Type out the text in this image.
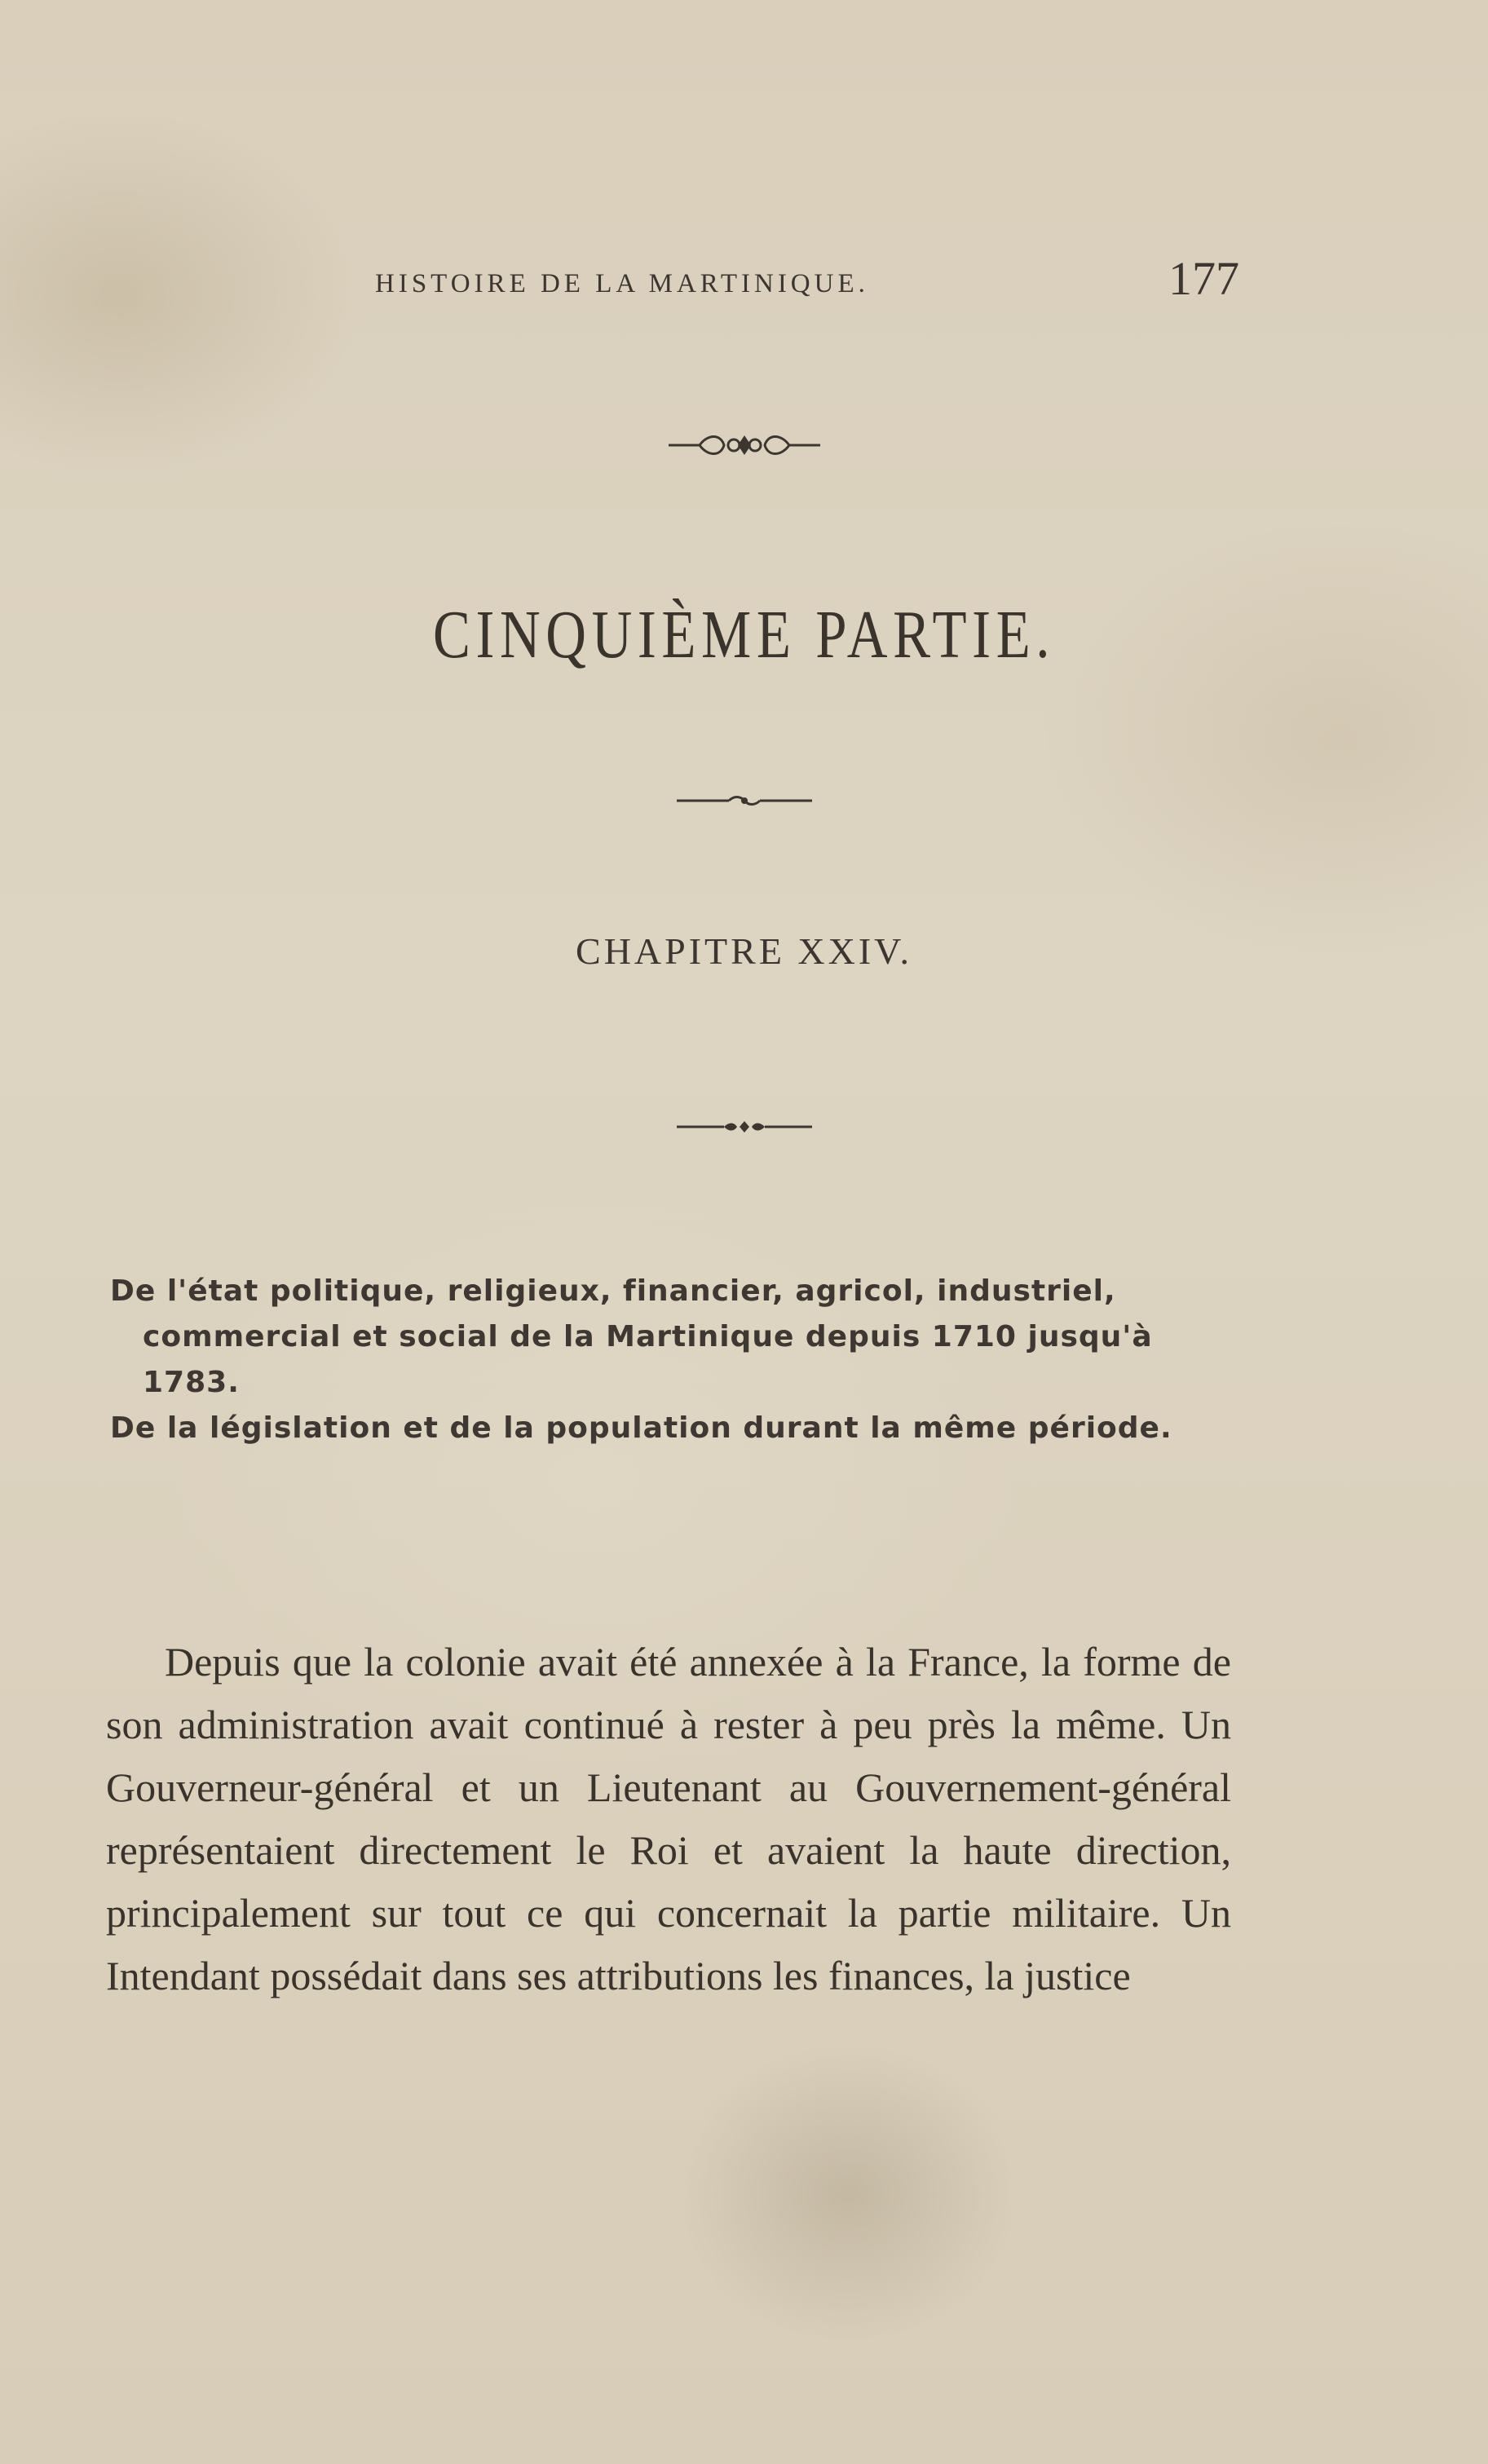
HISTOIRE DE LA MARTINIQUE.	177
CINQUIÈME PARTIE.
CHAPITRE XXIV.

De l'état politique, religieux, financier, agricol, industriel, commercial et social de la Martinique depuis 1710 jusqu'à 1783.

De la législation et de la population durant la même période.

Depuis que la colonie avait été annexée à la France, la forme de son administration avait continué à rester à peu près la même. Un Gouverneur-général et un Lieutenant au Gouvernement-général représentaient directement le Roi et avaient la haute direction, principalement sur tout ce qui concernait la partie militaire. Un Intendant possédait dans ses attributions les finances, la justice
